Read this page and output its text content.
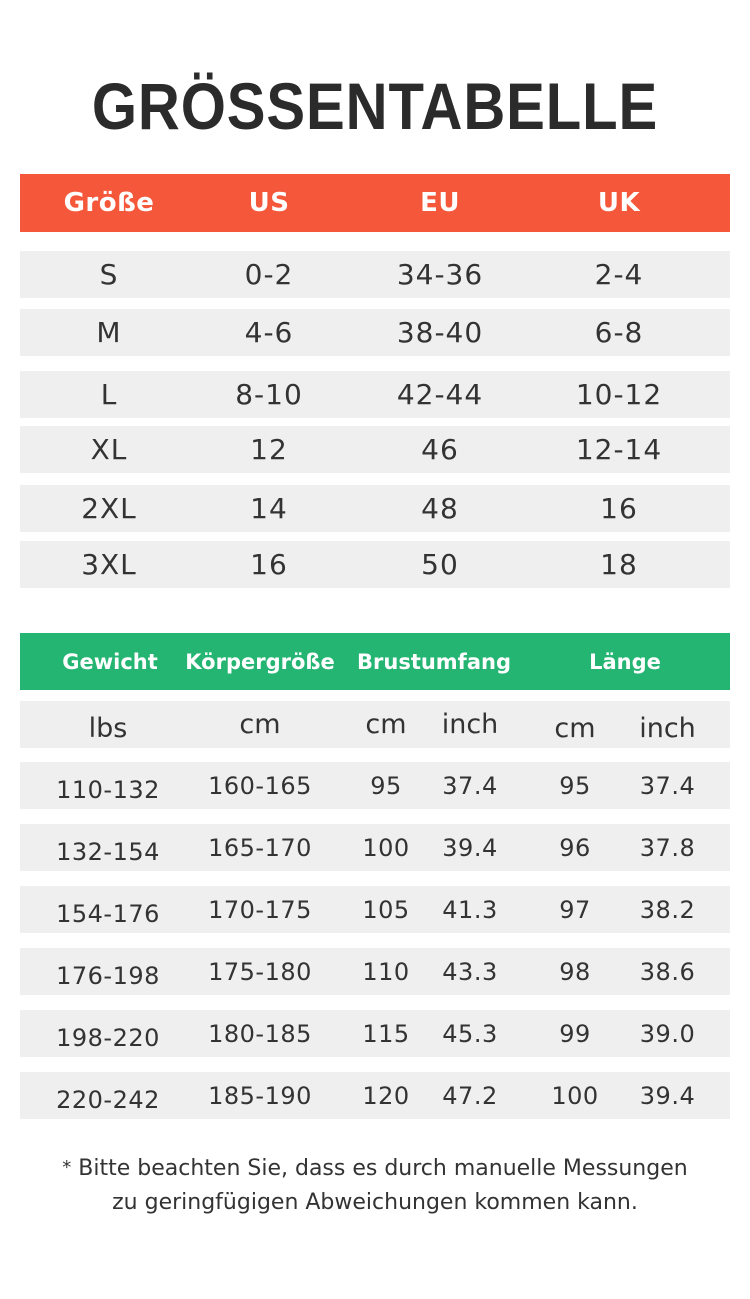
GRÖSSENTABELLE
Größe	US	EU	UK
S	0-2	34-36	2-4
M	4-6	38-40	6-8
L	8-10	42-44	10-12
XL	12	46	12-14
2XL	14	48	16
3XL	16	50	18
Gewicht	Körpergröße	Brustumfang	Länge
lbs	cm	cm	inch	cm	inch
110-132	160-165	95	37.4	95	37.4
132-154	165-170	100	39.4	96	37.8
154-176	170-175	105	41.3	97	38.2
176-198	175-180	110	43.3	98	38.6
198-220	180-185	115	45.3	99	39.0
220-242	185-190	120	47.2	100	39.4
* Bitte beachten Sie, dass es durch manuelle Messungen
zu geringfügigen Abweichungen kommen kann.
